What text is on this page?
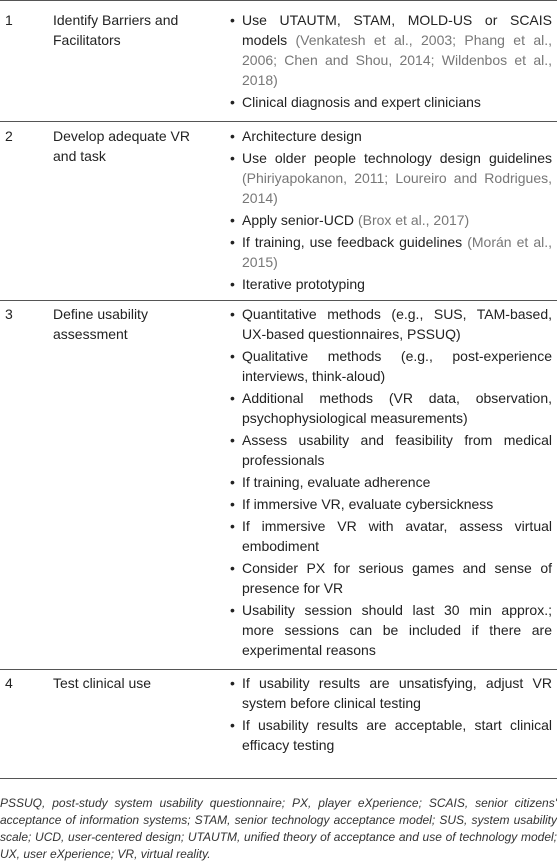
1	Identify Barriers and Facilitators
• Use UTAUTM, STAM, MOLD-US or SCAIS models (Venkatesh et al., 2003; Phang et al., 2006; Chen and Shou, 2014; Wildenbos et al., 2018)
• Clinical diagnosis and expert clinicians
2	Develop adequate VR and task
• Architecture design
• Use older people technology design guidelines (Phiriyapokanon, 2011; Loureiro and Rodrigues, 2014)
• Apply senior-UCD (Brox et al., 2017)
• If training, use feedback guidelines (Morán et al., 2015)
• Iterative prototyping
3	Define usability assessment
• Quantitative methods (e.g., SUS, TAM-based, UX-based questionnaires, PSSUQ)
• Qualitative methods (e.g., post-experience interviews, think-aloud)
• Additional methods (VR data, observation, psychophysiological measurements)
• Assess usability and feasibility from medical professionals
• If training, evaluate adherence
• If immersive VR, evaluate cybersickness
• If immersive VR with avatar, assess virtual embodiment
• Consider PX for serious games and sense of presence for VR
• Usability session should last 30 min approx.; more sessions can be included if there are experimental reasons
4	Test clinical use	• If usability results are unsatisfying, adjust VR system before clinical testing
• If usability results are acceptable, start clinical efficacy testing
PSSUQ, post-study system usability questionnaire; PX, player eXperience; SCAIS, senior citizens' acceptance of information systems; STAM, senior technology acceptance model; SUS, system usability scale; UCD, user-centered design; UTAUTM, unified theory of acceptance and use of technology model; UX, user eXperience; VR, virtual reality.
